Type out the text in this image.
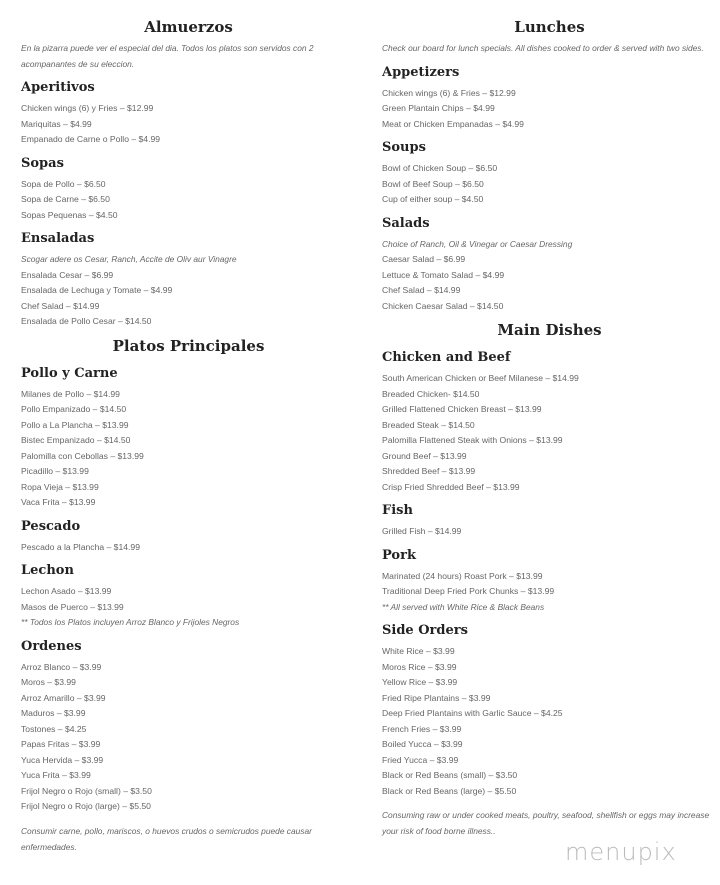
Almuerzos
En la pizarra puede ver el especial del dia. Todos los platos son servidos con 2 acompanantes de su eleccion.
Aperitivos
Chicken wings (6) y Fries – $12.99
Mariquitas – $4.99
Empanado de Carne o Pollo – $4.99
Sopas
Sopa de Pollo – $6.50
Sopa de Carne – $6.50
Sopas Pequenas – $4.50
Ensaladas
Scogar adere os Cesar, Ranch, Accite de Oliv aur Vinagre
Ensalada Cesar – $6.99
Ensalada de Lechuga y Tomate – $4.99
Chef Salad – $14.99
Ensalada de Pollo Cesar – $14.50
Platos Principales
Pollo y Carne
Milanes de Pollo – $14.99
Pollo Empanizado – $14.50
Pollo a La Plancha – $13.99
Bistec Empanizado – $14.50
Palomilla con Cebollas – $13.99
Picadillo – $13.99
Ropa Vieja – $13.99
Vaca Frita – $13.99
Pescado
Pescado a la Plancha – $14.99
Lechon
Lechon Asado – $13.99
Masos de Puerco – $13.99
** Todos los Platos incluyen Arroz Blanco y Frijoles Negros
Ordenes
Arroz Blanco – $3.99
Moros – $3.99
Arroz Amarillo – $3.99
Maduros – $3.99
Tostones – $4.25
Papas Fritas – $3.99
Yuca Hervida – $3.99
Yuca Frita – $3.99
Frijol Negro o Rojo (small) – $3.50
Frijol Negro o Rojo (large) – $5.50
Consumir carne, pollo, mariscos, o huevos crudos o semicrudos puede causar enfermedades.
Lunches
Check our board for lunch specials. All dishes cooked to order & served with two sides.
Appetizers
Chicken wings (6) & Fries – $12.99
Green Plantain Chips – $4.99
Meat or Chicken Empanadas – $4.99
Soups
Bowl of Chicken Soup – $6.50
Bowl of Beef Soup – $6.50
Cup of either soup – $4.50
Salads
Choice of Ranch, Oil & Vinegar or Caesar Dressing
Caesar Salad – $6.99
Lettuce & Tomato Salad – $4.99
Chef Salad – $14.99
Chicken Caesar Salad – $14.50
Main Dishes
Chicken and Beef
South American Chicken or Beef Milanese – $14.99
Breaded Chicken- $14.50
Grilled Flattened Chicken Breast – $13.99
Breaded Steak – $14.50
Palomilla Flattened Steak with Onions – $13.99
Ground Beef – $13.99
Shredded Beef – $13.99
Crisp Fried Shredded Beef – $13.99
Fish
Grilled Fish – $14.99
Pork
Marinated (24 hours) Roast Pork – $13.99
Traditional Deep Fried Pork Chunks – $13.99
** All served with White Rice & Black Beans
Side Orders
White Rice – $3.99
Moros Rice – $3.99
Yellow Rice – $3.99
Fried Ripe Plantains – $3.99
Deep Fried Plantains with Garlic Sauce – $4.25
French Fries – $3.99
Boiled Yucca – $3.99
Fried Yucca – $3.99
Black or Red Beans (small) – $3.50
Black or Red Beans (large) – $5.50
Consuming raw or under cooked meats, poultry, seafood, shellfish or eggs may increase your risk of food borne illness..
menupix
